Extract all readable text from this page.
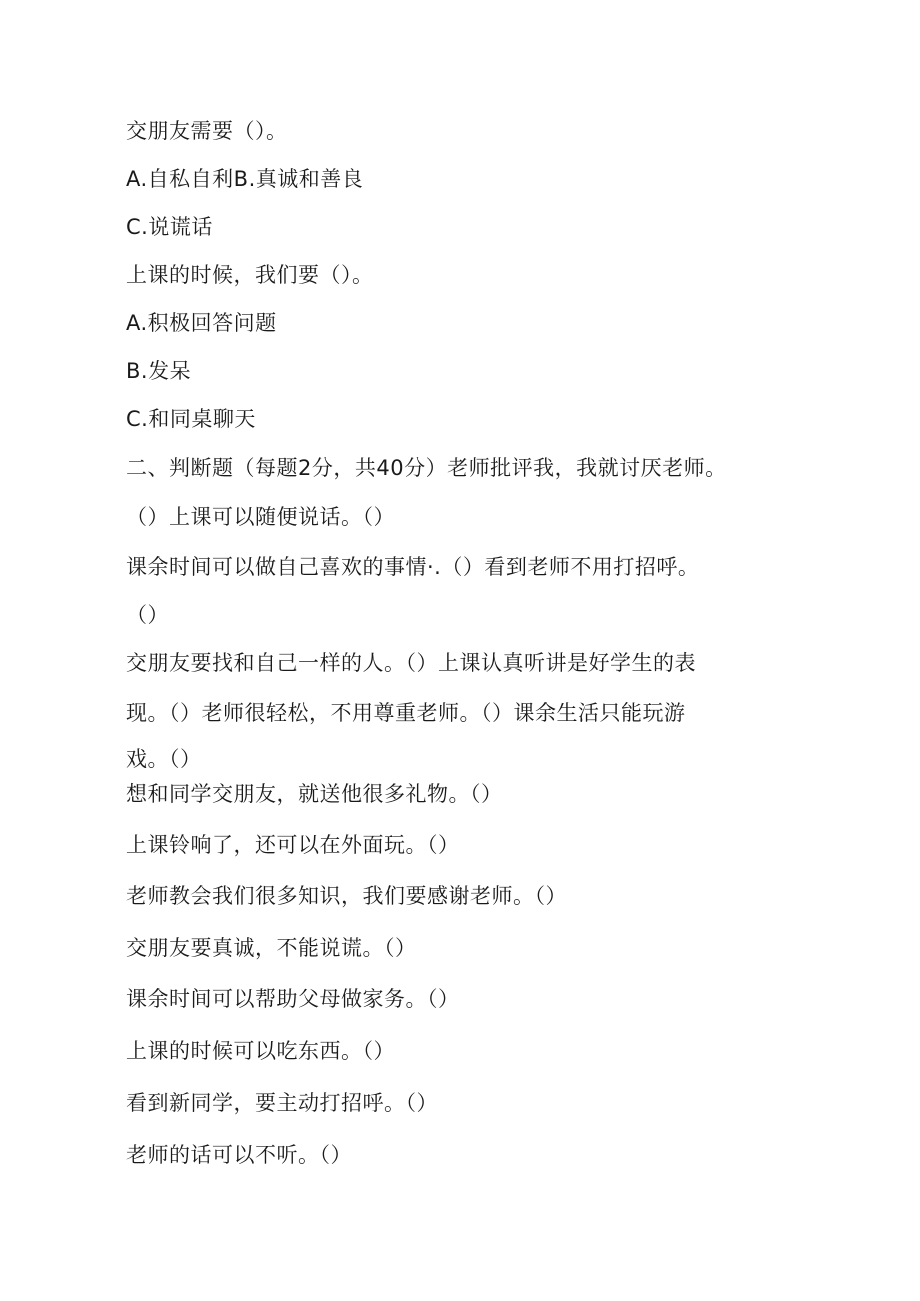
交朋友需要（）。
A.自私自利B.真诚和善良
C.说谎话
上课的时候，我们要（）。
A.积极回答问题
B.发呆
C.和同桌聊天
二、判断题（每题2分，共40分）老师批评我，我就讨厌老师。
（）上课可以随便说话。（）
课余时间可以做自己喜欢的事情·.（）看到老师不用打招呼。
（）
交朋友要找和自己一样的人。（）上课认真听讲是好学生的表
现。（）老师很轻松，不用尊重老师。（）课余生活只能玩游
戏。（）
想和同学交朋友，就送他很多礼物。（）
上课铃响了，还可以在外面玩。（）
老师教会我们很多知识，我们要感谢老师。（）
交朋友要真诚，不能说谎。（）
课余时间可以帮助父母做家务。（）
上课的时候可以吃东西。（）
看到新同学，要主动打招呼。（）
老师的话可以不听。（）
